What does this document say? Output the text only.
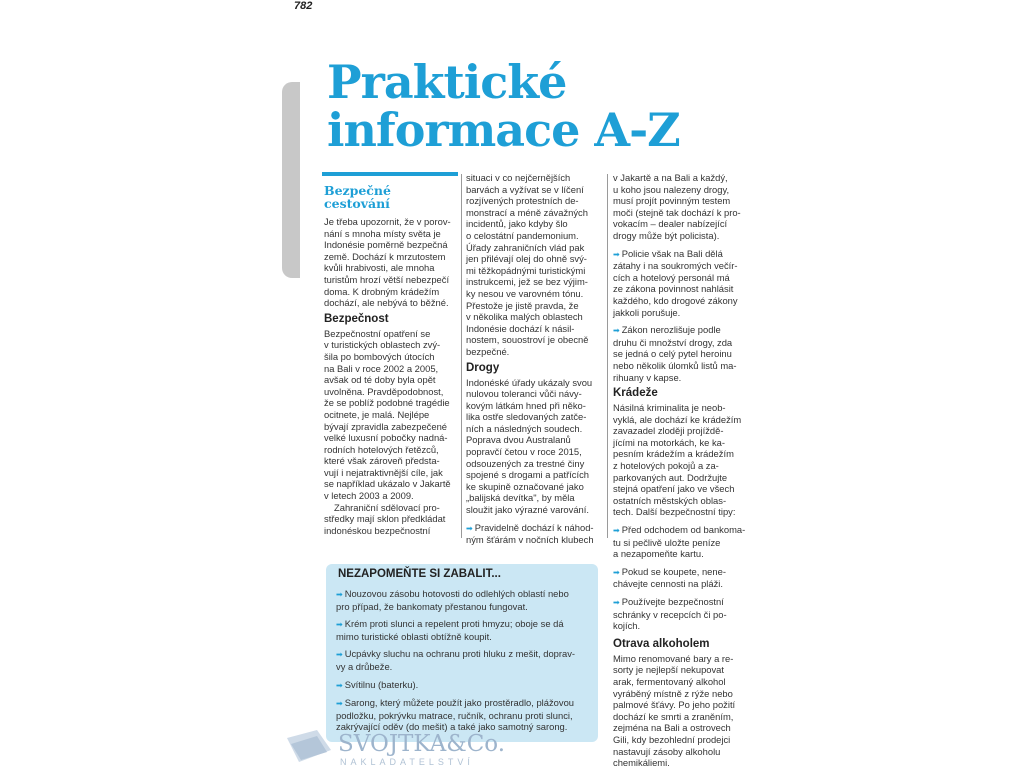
782
Praktické
informace A-Z
Bezpečné
cestování

Je třeba upozornit, že v porov-
nání s mnoha místy světa je
Indonésie poměrně bezpečná
země. Dochází k mrzutostem
kvůli hrabivosti, ale mnoha
turistům hrozí větší nebezpečí
doma. K drobným krádežím
dochází, ale nebývá to běžné.

Bezpečnost

Bezpečnostní opatření se
v turistických oblastech zvý-
šila po bombových útocích
na Bali v roce 2002 a 2005,
avšak od té doby byla opět
uvolněna. Pravděpodobnost,
že se poblíž podobné tragédie
ocitnete, je malá. Nejlépe
bývají zpravidla zabezpečené
velké luxusní pobočky nadná-
rodních hotelových řetězců,
které však zároveň předsta-
vují i nejatraktivnější cíle, jak
se například ukázalo v Jakartě
v letech 2003 a 2009.

Zahraniční sdělovací pro-
středky mají sklon předkládat
indonéskou bezpečnostní

situaci v co nejčernějších
barvách a vyžívat se v líčení
rozjívených protestních de-
monstrací a méně závažných
incidentů, jako kdyby šlo
o celostátní pandemonium.
Úřady zahraničních vlád pak
jen přilévají olej do ohně svý-
mi těžkopádnými turistickými
instrukcemi, jež se bez výjim-
ky nesou ve varovném tónu.
Přestože je jistě pravda, že
v několika malých oblastech
Indonésie dochází k násil-
nostem, souostroví je obecně
bezpečné.

Drogy

Indonéské úřady ukázaly svou
nulovou toleranci vůči návy-
kovým látkám hned při něko-
lika ostře sledovaných zatče-
ních a následných soudech.
Poprava dvou Australanů
popravčí četou v roce 2015,
odsouzených za trestné činy
spojené s drogami a patřících
ke skupině označované jako
„balijská devítka", by měla
sloužit jako výrazné varování.

➡ Pravidelně dochází k náhod-
ným šťárám v nočních klubech

v Jakartě a na Bali a každý,
u koho jsou nalezeny drogy,
musí projít povinným testem
moči (stejně tak dochází k pro-
vokacím – dealer nabízející
drogy může být policista).

➡ Policie však na Bali dělá
zátahy i na soukromých večír-
cích a hotelový personál má
ze zákona povinnost nahlásit
každého, kdo drogové zákony
jakkoli porušuje.

➡ Zákon nerozlišuje podle
druhu či množství drogy, zda
se jedná o celý pytel heroinu
nebo několik úlomků listů ma-
rihuany v kapse.

Krádeže

Násilná kriminalita je neob-
vyklá, ale dochází ke krádežím
zavazadel zloději projíždě-
jícími na motorkách, ke ka-
pesním krádežím a krádežím
z hotelových pokojů a za-
parkovaných aut. Dodržujte
stejná opatření jako ve všech
ostatních městských oblas-
tech. Další bezpečnostní tipy:

➡ Před odchodem od bankoma-
tu si pečlivě uložte peníze
a nezapomeňte kartu.

➡ Pokud se koupete, nene-
chávejte cennosti na pláži.

➡ Používejte bezpečnostní
schránky v recepcích či po-
kojích.

Otrava alkoholem

Mimo renomované bary a re-
sorty je nejlepší nekupovat
arak, fermentovaný alkohol
vyráběný místně z rýže nebo
palmové šťávy. Po jeho požití
dochází ke smrti a zraněním,
zejména na Bali a ostrovech
Gili, kdy bezohlední prodejci
nastavují zásoby alkoholu
chemikáliemi.

NEZAPOMEŇTE SI ZABALIT...

➡ Nouzovou zásobu hotovosti do odlehlých oblastí nebo
pro případ, že bankomaty přestanou fungovat.

➡ Krém proti slunci a repelent proti hmyzu; oboje se dá
mimo turistické oblasti obtížně koupit.

➡ Ucpávky sluchu na ochranu proti hluku z mešit, doprav-
vy a drůbeže.

➡ Svítilnu (baterku).

➡ Sarong, který můžete použít jako prostěradlo, plážovou
podložku, pokrývku matrace, ručník, ochranu proti slunci,
zakrývající oděv (do mešit) a také jako samotný sarong.

SVOJTKA&Co.
NAKLADATELSTVÍ
